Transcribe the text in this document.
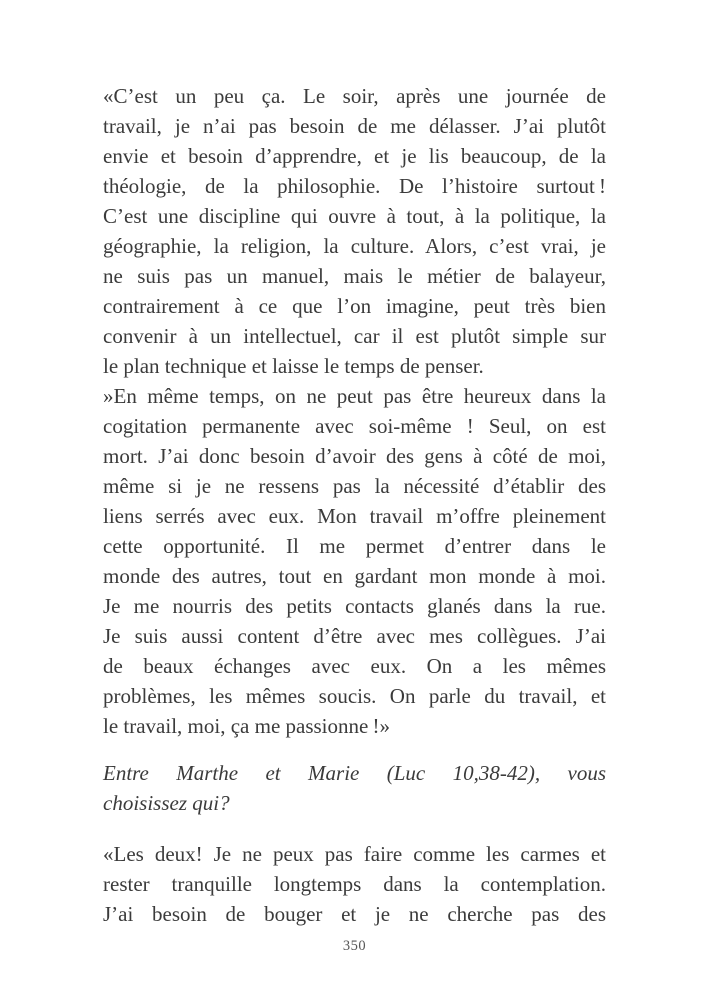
«C’est un peu ça. Le soir, après une journée de
travail, je n’ai pas besoin de me délasser. J’ai plutôt
envie et besoin d’apprendre, et je lis beaucoup, de la
théologie, de la philosophie. De l’histoire surtout !
C’est une discipline qui ouvre à tout, à la politique, la
géographie, la religion, la culture. Alors, c’est vrai, je
ne suis pas un manuel, mais le métier de balayeur,
contrairement à ce que l’on imagine, peut très bien
convenir à un intellectuel, car il est plutôt simple sur
le plan technique et laisse le temps de penser.
»En même temps, on ne peut pas être heureux dans la
cogitation permanente avec soi-même ! Seul, on est
mort. J’ai donc besoin d’avoir des gens à côté de moi,
même si je ne ressens pas la nécessité d’établir des
liens serrés avec eux. Mon travail m’offre pleinement
cette opportunité. Il me permet d’entrer dans le
monde des autres, tout en gardant mon monde à moi.
Je me nourris des petits contacts glanés dans la rue.
Je suis aussi content d’être avec mes collègues. J’ai
de beaux échanges avec eux. On a les mêmes
problèmes, les mêmes soucis. On parle du travail, et
le travail, moi, ça me passionne !»
Entre Marthe et Marie (Luc 10,38-42), vous
choisissez qui?
«Les deux! Je ne peux pas faire comme les carmes et
rester tranquille longtemps dans la contemplation.
J’ai besoin de bouger et je ne cherche pas des
350
